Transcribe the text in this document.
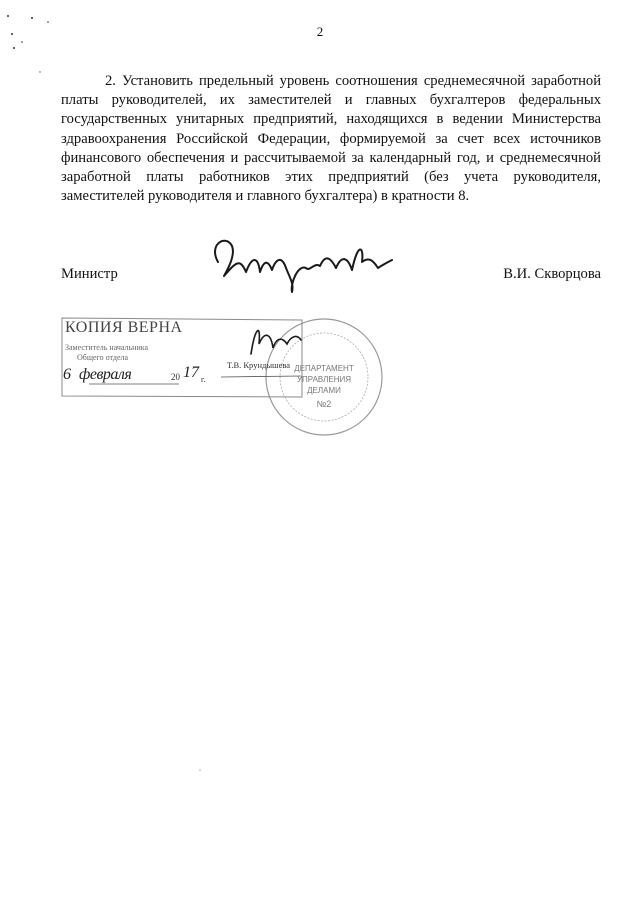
2

2. Установить предельный уровень соотношения среднемесячной заработной платы руководителей, их заместителей и главных бухгалтеров федеральных государственных унитарных предприятий, находящихся в ведении Министерства здравоохранения Российской Федерации, формируемой за счет всех источников финансового обеспечения и рассчитываемой за календарный год, и среднемесячной заработной платы работников этих предприятий (без учета руководителя, заместителей руководителя и главного бухгалтера) в кратности 8.

Министр	В.И. Скворцова
ДЕПАРТАМЕНТ
УПРАВЛЕНИЯ
ДЕЛАМИ
№2
КОПИЯ ВЕРНА
Заместитель начальника
Общего отдела
6 февраля	20 17 г.
Т.В. Крундышева
